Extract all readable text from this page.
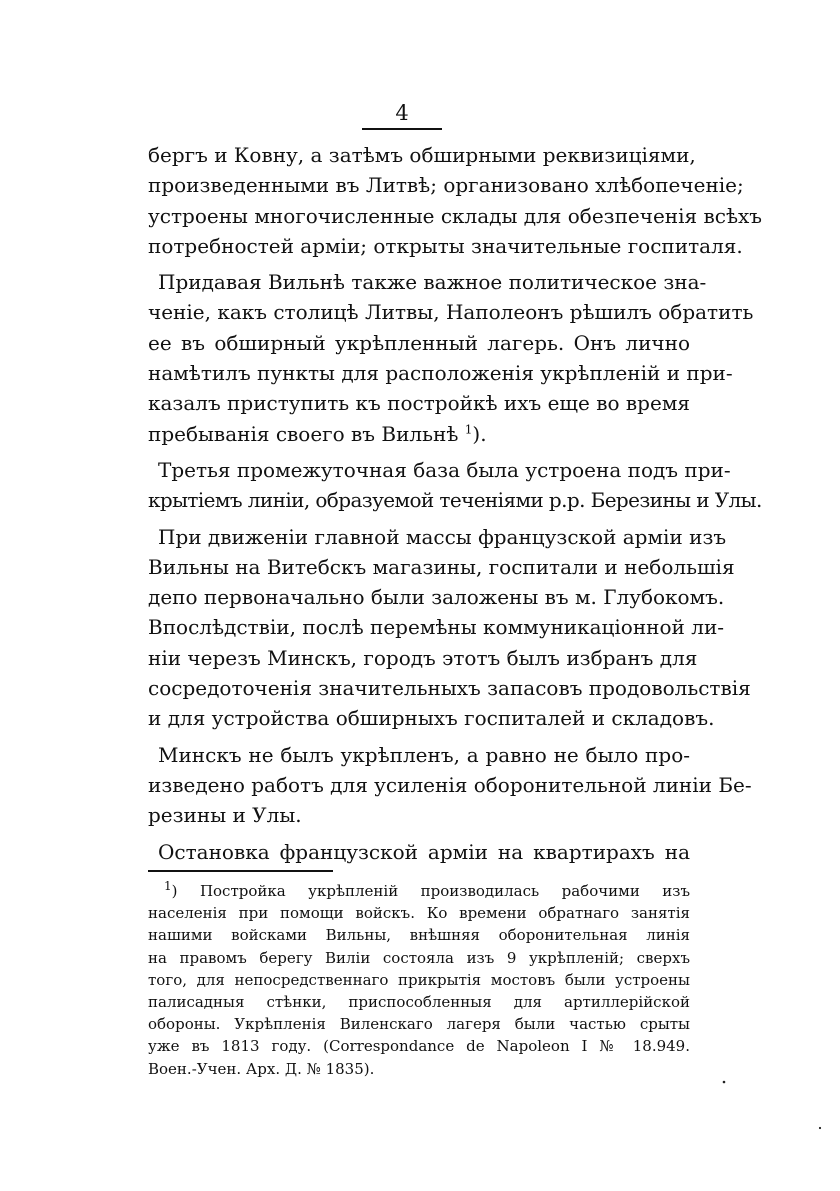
4

бергъ и Ковну, а затѣмъ обширными реквизиціями,
произведенными въ Литвѣ; организовано хлѣбопеченіе;
устроены многочисленные склады для обезпеченія всѣхъ
потребностей арміи; открыты значительные госпиталя.

Придавая Вильнѣ также важное политическое зна-
ченіе, какъ столицѣ Литвы, Наполеонъ рѣшилъ обратить
ее въ обширный укрѣпленный лагерь. Онъ лично
намѣтилъ пункты для расположенія укрѣпленій и при-
казалъ приступить къ постройкѣ ихъ еще во время
пребыванія своего въ Вильнѣ $^1$).

Третья промежуточная база была устроена подъ при-
крытіемъ линіи, образуемой теченіями р.р. Березины и Улы.

При движеніи главной массы французской арміи изъ
Вильны на Витебскъ магазины, госпитали и небольшія
депо первоначально были заложены въ м. Глубокомъ.
Впослѣдствіи, послѣ перемѣны коммуникаціонной ли-
ніи черезъ Минскъ, городъ этотъ былъ избранъ для
сосредоточенія значительныхъ запасовъ продовольствія
и для устройства обширныхъ госпиталей и складовъ.

Минскъ не былъ укрѣпленъ, а равно не было про-
изведено работъ для усиленія оборонительной линіи Бе-
резины и Улы.

Остановка французской арміи на квартирахъ на

$^1$) Постройка укрѣпленій производилась рабочими изъ
населенія при помощи войскъ. Ко времени обратнаго занятія
нашими войсками Вильны, внѣшняя оборонительная линія
на правомъ берегу Виліи состояла изъ 9 укрѣпленій; сверхъ
того, для непосредственнаго прикрытія мостовъ были устроены
палисадныя стѣнки, приспособленныя для артиллерійской
обороны. Укрѣпленія Виленскаго лагеря были частью срыты
уже въ 1813 году. (Correspondance de Napoleon I № 18.949.
Воен.-Учен. Арх. Д. № 1835).
